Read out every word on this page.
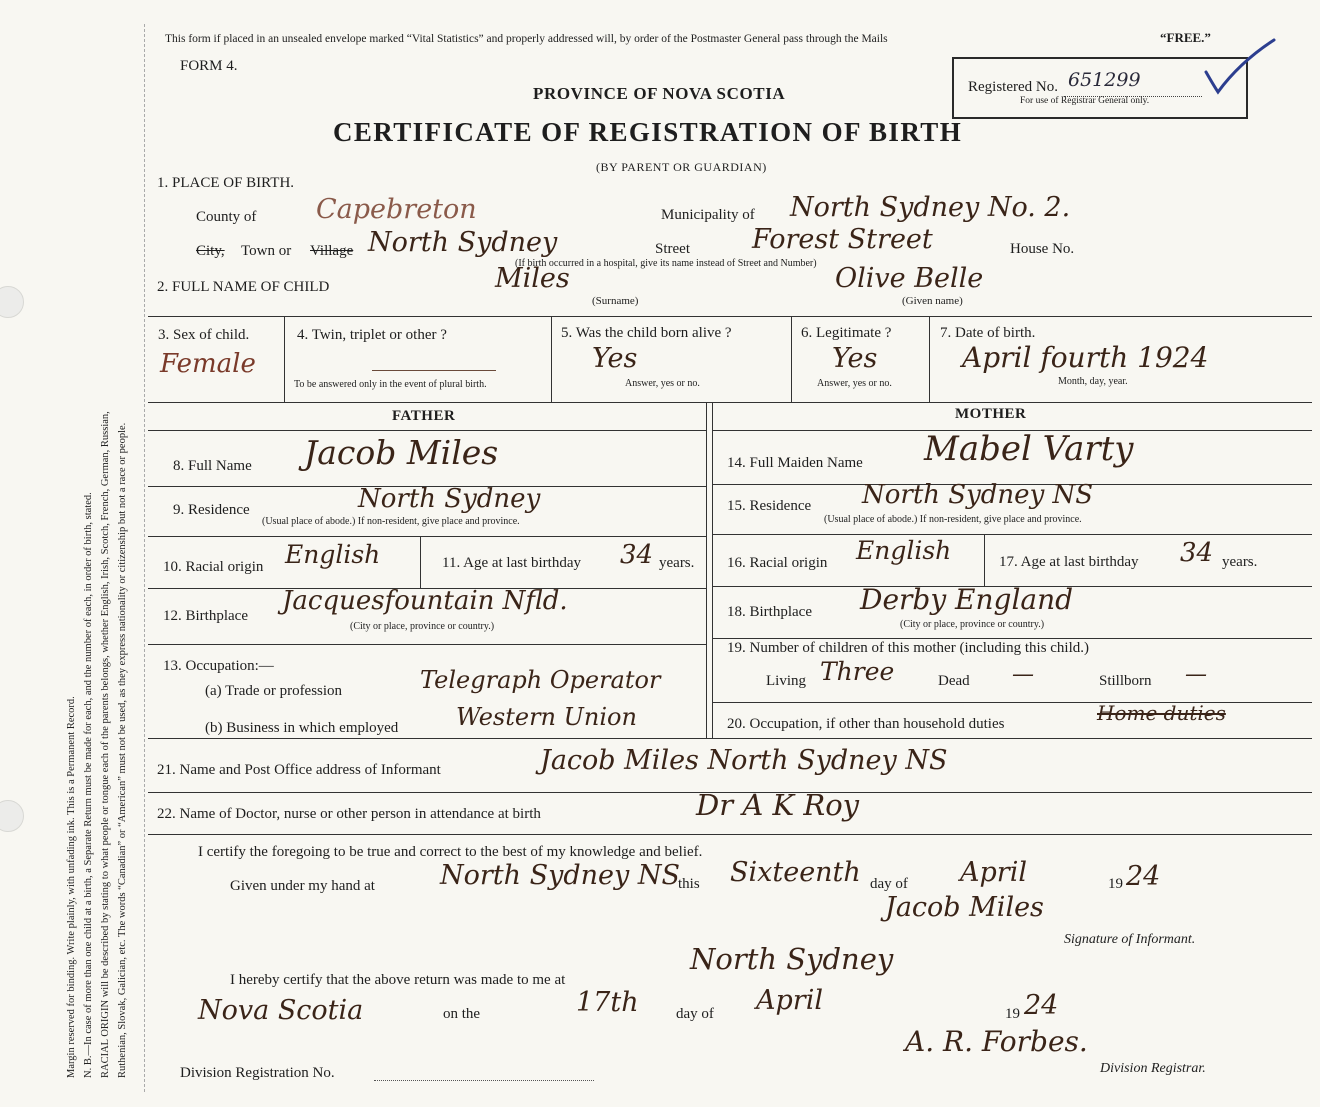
Margin reserved for binding. Write plainly, with unfading ink. This is a Permanent Record. N. B.—In case of more than one child at a birth, a Separate Return must be made for each, and the number of each, in order of birth, stated. RACIAL ORIGIN will be described by stating to what people or tongue each of the parents belongs, whether English, Irish, Scotch, French, German, Russian, Ruthenian, Slovak, Galician, etc. The words “Canadian” or “American” must not be used, as they express nationality or citizenship but not a race or people.
This form if placed in an unsealed envelope marked “Vital Statistics” and properly addressed will, by order of the Postmaster General pass through the Mails	“FREE.”
FORM 4.
PROVINCE OF NOVA SCOTIA
CERTIFICATE OF REGISTRATION OF BIRTH
(BY PARENT OR GUARDIAN)
Registered No. 651299
For use of Registrar General only.
1. PLACE OF BIRTH.
County of Capebreton	Municipality of North Sydney No. 2.
City, Town or Village North Sydney	Street Forest Street	House No.
(If birth occurred in a hospital, give its name instead of Street and Number)
2. FULL NAME OF CHILD	Miles
(Surname)
Olive Belle
(Given name)
3. Sex of child.
Female
4. Twin, triplet or other ?
To be answered only in the event of plural birth.
5. Was the child born alive ?
Yes
Answer, yes or no.
6. Legitimate ?
Yes
Answer, yes or no.
7. Date of birth.
April fourth 1924
Month, day, year.
FATHER	MOTHER
8. Full Name Jacob Miles
9. Residence	North Sydney
(Usual place of abode.) If non-resident, give place and province.
10. Racial origin English	11. Age at last birthday 34 years.
12. Birthplace Jacquesfountain Nfld.
(City or place, province or country.)
13. Occupation:—
(a) Trade or profession	Telegraph Operator
(b) Business in which employed Western Union
14. Full Maiden Name Mabel Varty
15. Residence North Sydney NS
(Usual place of abode.) If non-resident, give place and province.
16. Racial origin English	17. Age at last birthday 34 years.
18. Birthplace Derby England
(City or place, province or country.)
19. Number of children of this mother (including this child.)
Living Three	Dead —	Stillborn —
20. Occupation, if other than household duties	Home duties
21. Name and Post Office address of Informant	Jacob Miles North Sydney NS
22. Name of Doctor, nurse or other person in attendance at birth	Dr A K Roy
I certify the foregoing to be true and correct to the best of my knowledge and belief.
Given under my hand at North Sydney NS
this Sixteenth day of April	19 24
Jacob Miles
Signature of Informant.
I hereby certify that the above return was made to me at
North Sydney
Nova Scotia	on the	17th day of April	19 24
A. R. Forbes.
Division Registrar.
Division Registration No.
